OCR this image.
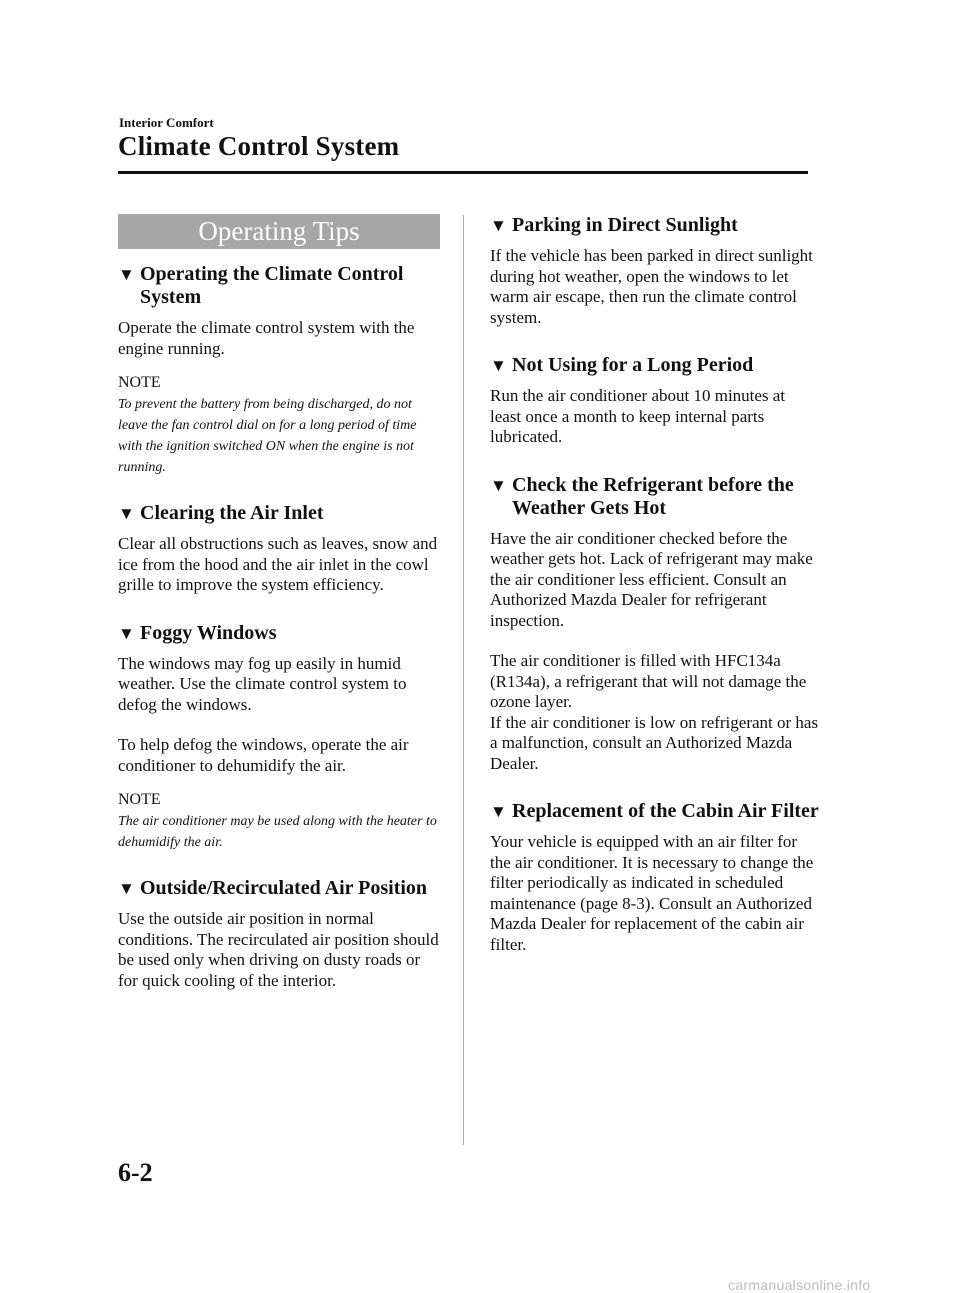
Interior Comfort
Climate Control System
Operating Tips
▼ Operating the Climate Control System

Operate the climate control system with the engine running.

NOTE

To prevent the battery from being discharged, do not leave the fan control dial on for a long period of time with the ignition switched ON when the engine is not running.

▼ Clearing the Air Inlet

Clear all obstructions such as leaves, snow and ice from the hood and the air inlet in the cowl grille to improve the system efficiency.

▼ Foggy Windows

The windows may fog up easily in humid weather. Use the climate control system to defog the windows.

To help defog the windows, operate the air conditioner to dehumidify the air.

NOTE

The air conditioner may be used along with the heater to dehumidify the air.

▼ Outside/Recirculated Air Position

Use the outside air position in normal conditions. The recirculated air position should be used only when driving on dusty roads or for quick cooling of the interior.

▼ Parking in Direct Sunlight

If the vehicle has been parked in direct sunlight during hot weather, open the windows to let warm air escape, then run the climate control system.

▼ Not Using for a Long Period

Run the air conditioner about 10 minutes at least once a month to keep internal parts lubricated.

▼ Check the Refrigerant before the Weather Gets Hot

Have the air conditioner checked before the weather gets hot. Lack of refrigerant may make the air conditioner less efficient. Consult an Authorized Mazda Dealer for refrigerant inspection.

The air conditioner is filled with HFC134a (R134a), a refrigerant that will not damage the ozone layer.

If the air conditioner is low on refrigerant or has a malfunction, consult an Authorized Mazda Dealer.

▼ Replacement of the Cabin Air Filter

Your vehicle is equipped with an air filter for the air conditioner. It is necessary to change the filter periodically as indicated in scheduled maintenance (page 8-3). Consult an Authorized Mazda Dealer for replacement of the cabin air filter.

6-2
carmanualsonline.info
